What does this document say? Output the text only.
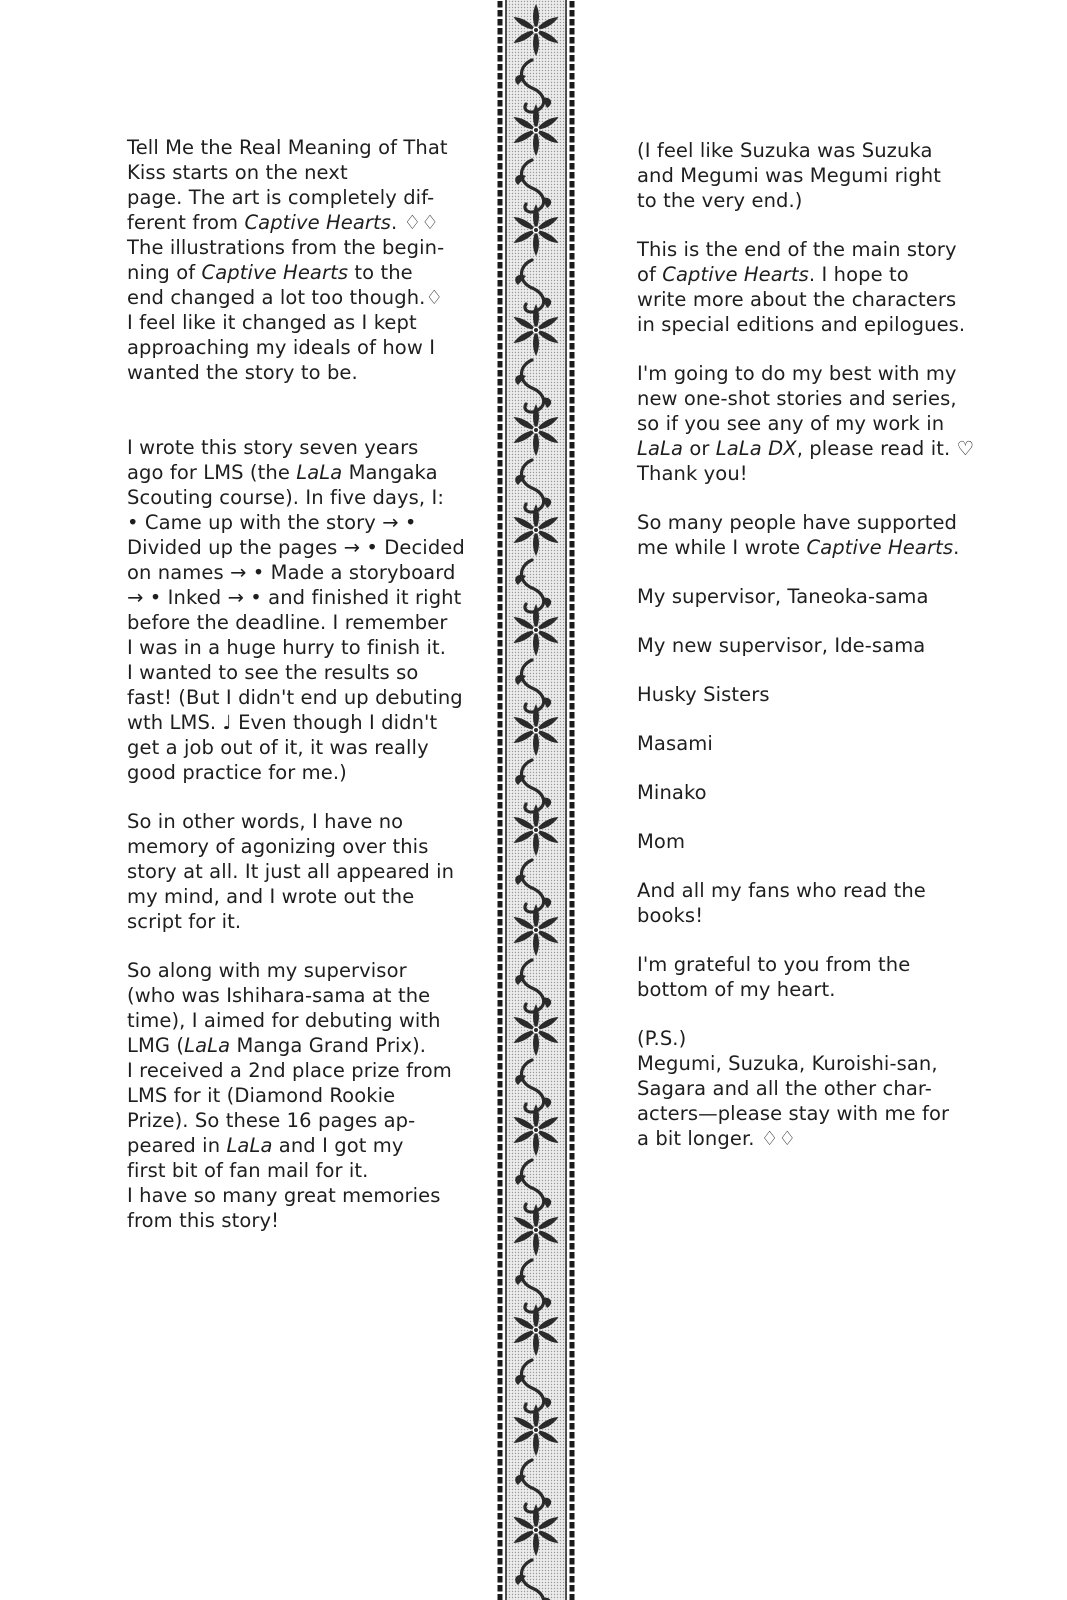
Tell Me the Real Meaning of That Kiss starts on the next
page. The art is completely dif-
ferent from Captive Hearts. ♢♢
The illustrations from the begin-
ning of Captive Hearts to the
end changed a lot too though.♢
I feel like it changed as I kept
approaching my ideals of how I
wanted the story to be.

I wrote this story seven years
ago for LMS (the LaLa Mangaka
Scouting course). In five days, I:
• Came up with the story → •
Divided up the pages → • Decided
on names → • Made a storyboard
→ • Inked → • and finished it right
before the deadline. I remember
I was in a huge hurry to finish it.
I wanted to see the results so
fast! (But I didn't end up debuting
wth LMS. ♩ Even though I didn't
get a job out of it, it was really
good practice for me.)

So in other words, I have no
memory of agonizing over this
story at all. It just all appeared in
my mind, and I wrote out the
script for it.

So along with my supervisor
(who was Ishihara-sama at the
time), I aimed for debuting with
LMG (LaLa Manga Grand Prix).
I received a 2nd place prize from
LMS for it (Diamond Rookie
Prize). So these 16 pages ap-
peared in LaLa and I got my
first bit of fan mail for it.
I have so many great memories
from this story!

(I feel like Suzuka was Suzuka
and Megumi was Megumi right
to the very end.)

This is the end of the main story
of Captive Hearts. I hope to
write more about the characters
in special editions and epilogues.

I'm going to do my best with my
new one-shot stories and series,
so if you see any of my work in
LaLa or LaLa DX, please read it. ♡
Thank you!

So many people have supported
me while I wrote Captive Hearts.

My supervisor, Taneoka-sama

My new supervisor, Ide-sama

Husky Sisters

Masami

Minako

Mom

And all my fans who read the
books!

I'm grateful to you from the
bottom of my heart.

(P.S.)
Megumi, Suzuka, Kuroishi-san,
Sagara and all the other char-
acters—please stay with me for
a bit longer. ♢♢
